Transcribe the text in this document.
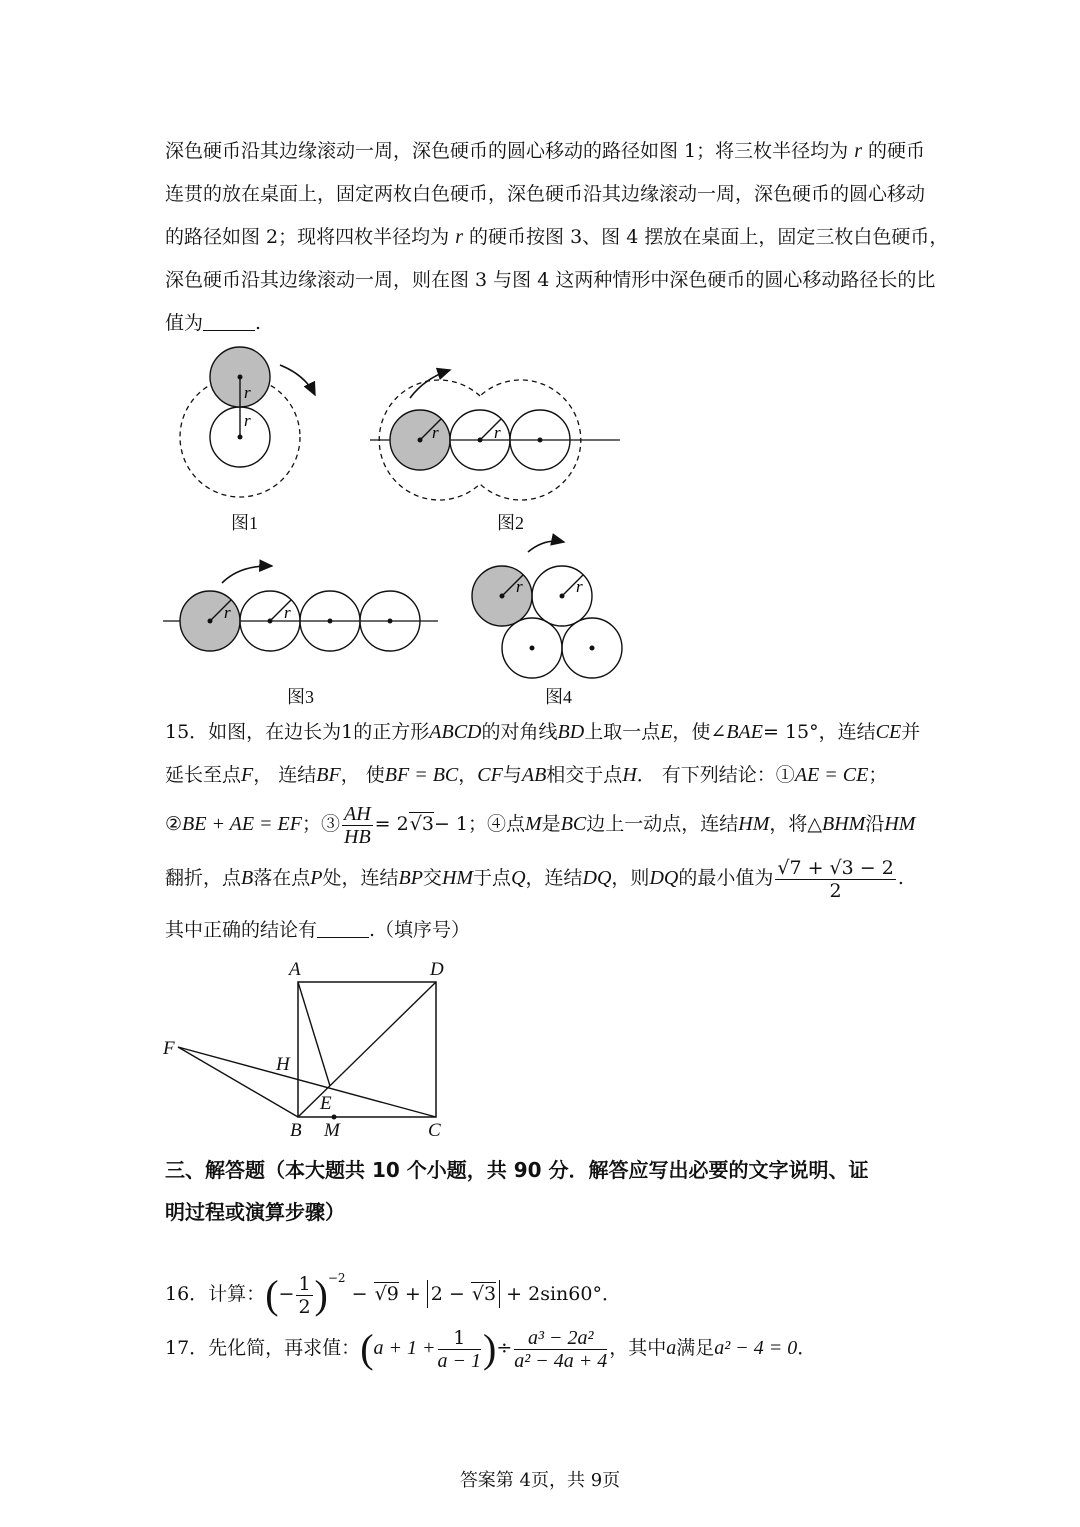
深色硬币沿其边缘滚动一周，深色硬币的圆心移动的路径如图 1；将三枚半径均为 r 的硬币
连贯的放在桌面上，固定两枚白色硬币，深色硬币沿其边缘滚动一周，深色硬币的圆心移动
的路径如图 2；现将四枚半径均为 r 的硬币按图 3、图 4 摆放在桌面上，固定三枚白色硬币，
深色硬币沿其边缘滚动一周，则在图 3 与图 4 这两种情形中深色硬币的圆心移动路径长的比
值为	.
r
r
r	r
r	r
r	r
图1	图2
图3	图4
15．如图，在边长为1的正方形ABCD的对角线BD上取一点E，使∠BAE= 15°，连结CE并
延长至点F， 连结BF， 使BF = BC，CF与AB相交于点H． 有下列结论：①AE = CE；
②BE + AE = EF；③ $\frac{AH}{HB} = 2√3- 1$；④点M是BC边上一动点，连结HM，将△BHM沿HM
翻折，点B落在点P处，连结BP交HM于点Q，连结DQ，则DQ的最小值为 $\frac{√7 + √3 - 2}{2}$ .
其中正确的结论有	.（填序号）
A	D
F
H
E
B M	C
三、解答题（本大题共 10 个小题，共 90 分．解答应写出必要的文字说明、证
明过程或演算步骤）
16．计算：(− $\frac{1}{2} )^{-2} - √9 + 2 - √3 + 2\sin 60^\circ$．
17．先化简，再求值：($a + 1 + \frac{1}{a - 1}$ )÷ $\frac{\text{a³ − 2a²}}{\text{a² − 4a + 4}}$ ，其中a满足a² − 4 = 0．
答案第 4页，共 9页
